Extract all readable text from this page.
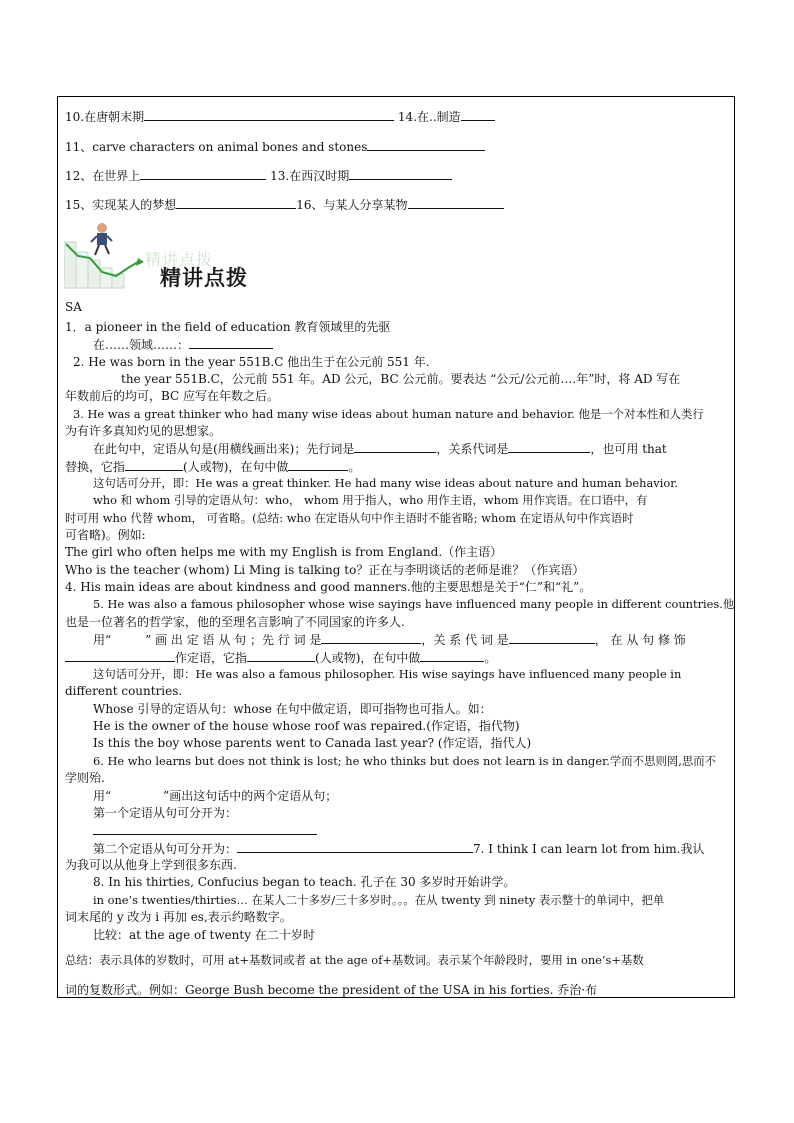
10.在唐朝末期	14.在..制造
11、carve characters on animal bones and stones
12、在世界上	13.在西汉时期
15、实现某人的梦想	16、与某人分享某物
精讲点拨
精讲点拨
SA
1．a pioneer in the field of education 教育领域里的先驱
在……领域……：
2. He was born in the year 551B.C 他出生于在公元前 551 年.
the year 551B.C，公元前 551 年。AD 公元，BC 公元前。要表达 “公元/公元前….年”时，将 AD 写在
年数前后的均可，BC 应写在年数之后。
3. He was a great thinker who had many wise ideas about human nature and behavior. 他是一个对本性和人类行
为有许多真知灼见的思想家。
在此句中，定语从句是(用横线画出来)；先行词是	，关系代词是	，也可用 that
替换，它指	(人或物)，在句中做	。
这句话可分开，即：He was a great thinker. He had many wise ideas about nature and human behavior.
who 和 whom 引导的定语从句：who， whom 用于指人，who 用作主语，whom 用作宾语。在口语中，有
时可用 who 代替 whom， 可省略。(总结: who 在定语从句中作主语时不能省略; whom 在定语从句中作宾语时
可省略)。例如:
The girl who often helps me with my English is from England.（作主语）
Who is the teacher (whom) Li Ming is talking to？正在与李明谈话的老师是谁？（作宾语）
4. His main ideas are about kindness and good manners.他的主要思想是关于“仁”和“礼”。
5. He was also a famous philosopher whose wise sayings have influenced many people in different countries.他
也是一位著名的哲学家，他的至理名言影响了不同国家的许多人.
用“	” 画 出 定 语 从 句 ；先 行 词 是	，关 系 代 词 是	， 在 从 句 修 饰
作定语，它指	(人或物)，在句中做	。
这句话可分开，即：He was also a famous philosopher. His wise sayings have influenced many people in
different countries.
Whose 引导的定语从句：whose 在句中做定语，即可指物也可指人。如：
He is the owner of the house whose roof was repaired.(作定语，指代物)
Is this the boy whose parents went to Canada last year? (作定语，指代人)
6. He who learns but does not think is lost; he who thinks but does not learn is in danger.学而不思则罔,思而不
学则殆.
用“	”画出这句话中的两个定语从句；
第一个定语从句可分开为：
第二个定语从句可分开为：	7. I think I can learn lot from him.我认
为我可以从他身上学到很多东西.
8. In his thirties, Confucius began to teach. 孔子在 30 多岁时开始讲学。
in one’s twenties/thirties… 在某人二十多岁/三十多岁时。。。在从 twenty 到 ninety 表示整十的单词中，把单
词末尾的 y 改为 i 再加 es,表示约略数字。
比较：at the age of twenty 在二十岁时
总结：表示具体的岁数时，可用 at+基数词或者 at the age of+基数词。表示某个年龄段时，要用 in one’s+基数
词的复数形式。例如：George Bush become the president of the USA in his forties. 乔治·布
